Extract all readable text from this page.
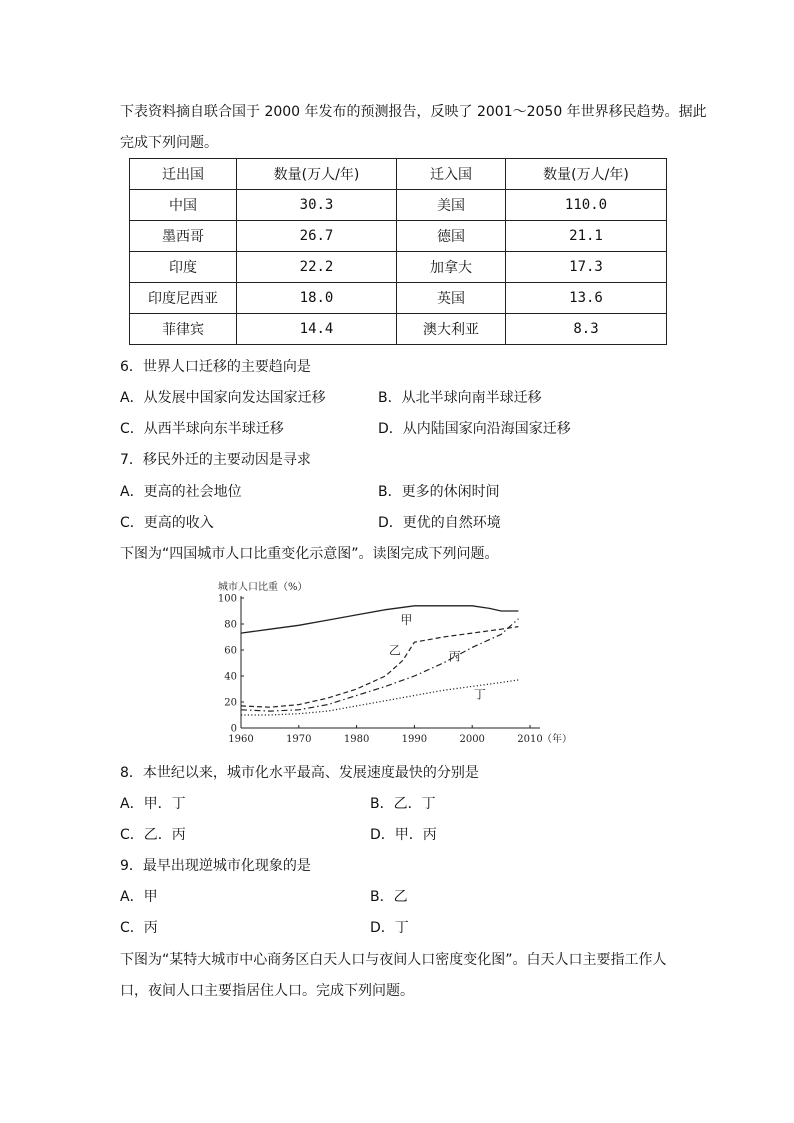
下表资料摘自联合国于 2000 年发布的预测报告，反映了 2001～2050 年世界移民趋势。据此
完成下列问题。
迁出国	数量(万人/年)	迁入国	数量(万人/年)
中国	30.3	美国	110.0
墨西哥	26.7	德国	21.1
印度	22.2	加拿大	17.3
印度尼西亚	18.0	英国	13.6
菲律宾	14.4	澳大利亚	8.3
6．世界人口迁移的主要趋向是
A．从发展中国家向发达国家迁移	B．从北半球向南半球迁移
C．从西半球向东半球迁移	D．从内陆国家向沿海国家迁移
7．移民外迁的主要动因是寻求
A．更高的社会地位	B．更多的休闲时间
C．更高的收入	D．更优的自然环境
下图为“四国城市人口比重变化示意图”。读图完成下列问题。
城市人口比重（%）
0
20
40
60
80
100
1960	1970	1980	1990	2000	2010
甲
乙	丙
丁
（年）
8．本世纪以来，城市化水平最高、发展速度最快的分别是
A．甲．丁	B．乙．丁
C．乙．丙	D．甲．丙
9．最早出现逆城市化现象的是
A．甲	B．乙
C．丙	D．丁
下图为“某特大城市中心商务区白天人口与夜间人口密度变化图”。白天人口主要指工作人
口，夜间人口主要指居住人口。完成下列问题。
